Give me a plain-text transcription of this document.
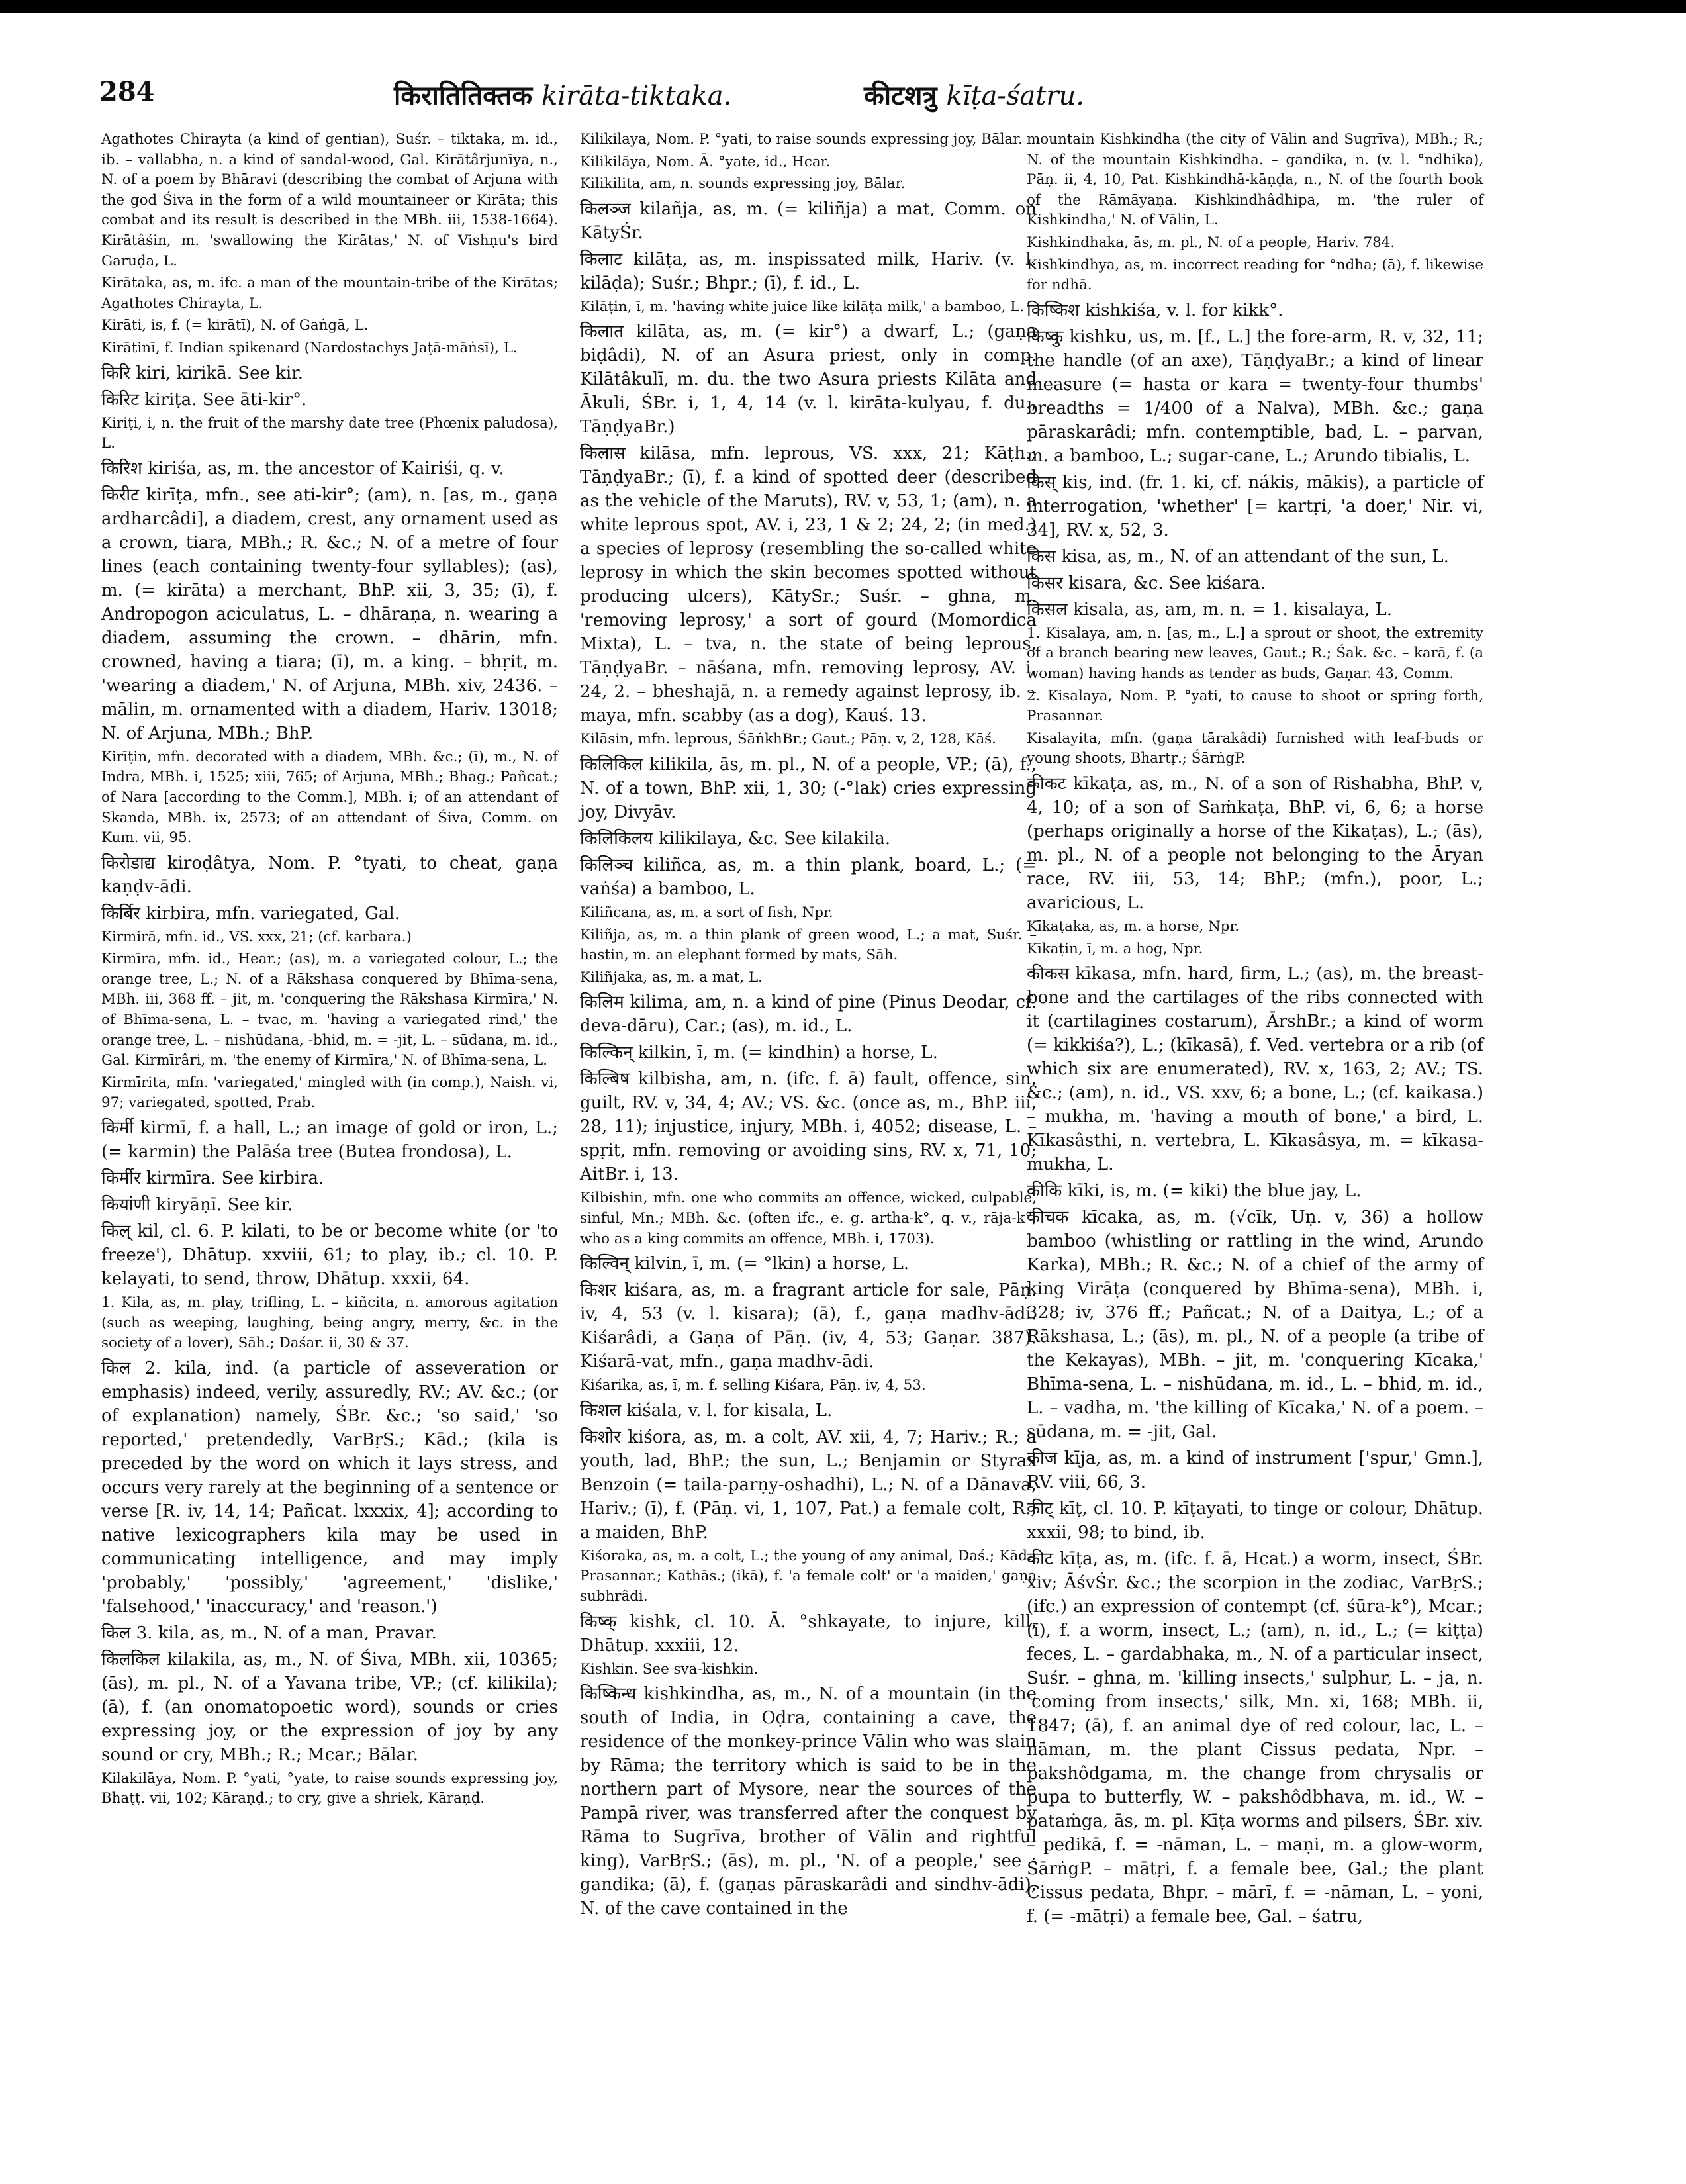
284	किरातितिक्तक kirāta-tiktaka.	कीटशत्रु kīṭa-śatru.

Agathotes Chirayta (a kind of gentian), Suśr. – tiktaka, m. id., ib. – vallabha, n. a kind of sandal-wood, Gal. Kirātârjunīya, n., N. of a poem by Bhāravi (describing the combat of Arjuna with the god Śiva in the form of a wild mountaineer or Kirāta; this combat and its result is described in the MBh. iii, 1538-1664). Kirātâśin, m. 'swallowing the Kirātas,' N. of Vishṇu's bird Garuḍa, L.

Kirātaka, as, m. ifc. a man of the mountain-tribe of the Kirātas; Agathotes Chirayta, L.

Kirāti, is, f. (= kirātī), N. of Gaṅgā, L.

Kirātinī, f. Indian spikenard (Nardostachys Jaṭā-māṅsī), L.

किरि kiri, kirikā. See kir.

किरिट kiriṭa. See āti-kir°.

Kiriṭi, i, n. the fruit of the marshy date tree (Phœnix paludosa), L.

किरिश kiriśa, as, m. the ancestor of Kairiśi, q. v.

किरीट kirīṭa, mfn., see ati-kir°; (am), n. [as, m., gaṇa ardharcâdi], a diadem, crest, any ornament used as a crown, tiara, MBh.; R. &c.; N. of a metre of four lines (each containing twenty-four syllables); (as), m. (= kirāta) a merchant, BhP. xii, 3, 35; (ī), f. Andropogon aciculatus, L. – dhāraṇa, n. wearing a diadem, assuming the crown. – dhārin, mfn. crowned, having a tiara; (ī), m. a king. – bhṛit, m. 'wearing a diadem,' N. of Arjuna, MBh. xiv, 2436. – mālin, m. ornamented with a diadem, Hariv. 13018; N. of Arjuna, MBh.; BhP.

Kirīṭin, mfn. decorated with a diadem, MBh. &c.; (ī), m., N. of Indra, MBh. i, 1525; xiii, 765; of Arjuna, MBh.; Bhag.; Pañcat.; of Nara [according to the Comm.], MBh. i; of an attendant of Skanda, MBh. ix, 2573; of an attendant of Śiva, Comm. on Kum. vii, 95.

किरोडाद्य kiroḍâtya, Nom. P. °tyati, to cheat, gaṇa kaṇḍv-ādi.

किर्बिर kirbira, mfn. variegated, Gal.

Kirmirā, mfn. id., VS. xxx, 21; (cf. karbara.)

Kirmīra, mfn. id., Hear.; (as), m. a variegated colour, L.; the orange tree, L.; N. of a Rākshasa conquered by Bhīma-sena, MBh. iii, 368 ff. – jit, m. 'conquering the Rākshasa Kirmīra,' N. of Bhīma-sena, L. – tvac, m. 'having a variegated rind,' the orange tree, L. – nishūdana, -bhid, m. = -jit, L. – sūdana, m. id., Gal. Kirmīrâri, m. 'the enemy of Kirmīra,' N. of Bhīma-sena, L.

Kirmīrita, mfn. 'variegated,' mingled with (in comp.), Naish. vi, 97; variegated, spotted, Prab.

किर्मी kirmī, f. a hall, L.; an image of gold or iron, L.; (= karmin) the Palāśa tree (Butea frondosa), L.

किर्मीर kirmīra. See kirbira.

कियांणी kiryāṇī. See kir.

किल् kil, cl. 6. P. kilati, to be or become white (or 'to freeze'), Dhātup. xxviii, 61; to play, ib.; cl. 10. P. kelayati, to send, throw, Dhātup. xxxii, 64.

1. Kila, as, m. play, trifling, L. – kiñcita, n. amorous agitation (such as weeping, laughing, being angry, merry, &c. in the society of a lover), Sāh.; Daśar. ii, 30 & 37.

किल 2. kila, ind. (a particle of asseveration or emphasis) indeed, verily, assuredly, RV.; AV. &c.; (or of explanation) namely, ŚBr. &c.; 'so said,' 'so reported,' pretendedly, VarBṛS.; Kād.; (kila is preceded by the word on which it lays stress, and occurs very rarely at the beginning of a sentence or verse [R. iv, 14, 14; Pañcat. lxxxix, 4]; according to native lexicographers kila may be used in communicating intelligence, and may imply 'probably,' 'possibly,' 'agreement,' 'dislike,' 'falsehood,' 'inaccuracy,' and 'reason.')

किल 3. kila, as, m., N. of a man, Pravar.

किलकिल kilakila, as, m., N. of Śiva, MBh. xii, 10365; (ās), m. pl., N. of a Yavana tribe, VP.; (cf. kilikila); (ā), f. (an onomatopoetic word), sounds or cries expressing joy, or the expression of joy by any sound or cry, MBh.; R.; Mcar.; Bālar.

Kilakilāya, Nom. P. °yati, °yate, to raise sounds expressing joy, Bhaṭṭ. vii, 102; Kāraṇḍ.; to cry, give a shriek, Kāraṇḍ.

Kilikilaya, Nom. P. °yati, to raise sounds expressing joy, Bālar.

Kilikilāya, Nom. Ā. °yate, id., Hcar.

Kilikilita, am, n. sounds expressing joy, Bālar.

किलञ्ज kilañja, as, m. (= kiliñja) a mat, Comm. on KātyŚr.

किलाट kilāṭa, as, m. inspissated milk, Hariv. (v. l. kilāḍa); Suśr.; Bhpr.; (ī), f. id., L.

Kilāṭin, ī, m. 'having white juice like kilāṭa milk,' a bamboo, L.

किलात kilāta, as, m. (= kir°) a dwarf, L.; (gaṇa biḍâdi), N. of an Asura priest, only in comp. Kilātâkulī, m. du. the two Asura priests Kilāta and Ākuli, ŚBr. i, 1, 4, 14 (v. l. kirāta-kulyau, f. du., TāṇḍyaBr.)

किलास kilāsa, mfn. leprous, VS. xxx, 21; Kāṭh.; TāṇḍyaBr.; (ī), f. a kind of spotted deer (described as the vehicle of the Maruts), RV. v, 53, 1; (am), n. a white leprous spot, AV. i, 23, 1 & 2; 24, 2; (in med.) a species of leprosy (resembling the so-called white leprosy in which the skin becomes spotted without producing ulcers), KātySr.; Suśr. – ghna, m. 'removing leprosy,' a sort of gourd (Momordica Mixta), L. – tva, n. the state of being leprous, TāṇḍyaBr. – nāśana, mfn. removing leprosy, AV. i, 24, 2. – bheshajā, n. a remedy against leprosy, ib. – maya, mfn. scabby (as a dog), Kauś. 13.

Kilāsin, mfn. leprous, ŚāṅkhBr.; Gaut.; Pāṇ. v, 2, 128, Kāś.

किलिकिल kilikila, ās, m. pl., N. of a people, VP.; (ā), f., N. of a town, BhP. xii, 1, 30; (-°lak) cries expressing joy, Divyāv.

किलिकिलय kilikilaya, &c. See kilakila.

किलिञ्च kiliñca, as, m. a thin plank, board, L.; (= vaṅśa) a bamboo, L.

Kiliñcana, as, m. a sort of fish, Npr.

Kiliñja, as, m. a thin plank of green wood, L.; a mat, Suśr. – hastin, m. an elephant formed by mats, Sāh.

Kiliñjaka, as, m. a mat, L.

किलिम kilima, am, n. a kind of pine (Pinus Deodar, cf. deva-dāru), Car.; (as), m. id., L.

किल्किन् kilkin, ī, m. (= kindhin) a horse, L.

किल्बिष kilbisha, am, n. (ifc. f. ā) fault, offence, sin, guilt, RV. v, 34, 4; AV.; VS. &c. (once as, m., BhP. iii, 28, 11); injustice, injury, MBh. i, 4052; disease, L. – spṛit, mfn. removing or avoiding sins, RV. x, 71, 10; AitBr. i, 13.

Kilbishin, mfn. one who commits an offence, wicked, culpable, sinful, Mn.; MBh. &c. (often ifc., e. g. artha-k°, q. v., rāja-k°, who as a king commits an offence, MBh. i, 1703).

किल्विन् kilvin, ī, m. (= °lkin) a horse, L.

किशर kiśara, as, m. a fragrant article for sale, Pāṇ. iv, 4, 53 (v. l. kisara); (ā), f., gaṇa madhv-ādi. Kiśarâdi, a Gaṇa of Pāṇ. (iv, 4, 53; Gaṇar. 387). Kiśarā-vat, mfn., gaṇa madhv-ādi.

Kiśarika, as, ī, m. f. selling Kiśara, Pāṇ. iv, 4, 53.

किशल kiśala, v. l. for kisala, L.

किशोर kiśora, as, m. a colt, AV. xii, 4, 7; Hariv.; R.; a youth, lad, BhP.; the sun, L.; Benjamin or Styrax Benzoin (= taila-parṇy-oshadhi), L.; N. of a Dānava, Hariv.; (ī), f. (Pāṇ. vi, 1, 107, Pat.) a female colt, R.; a maiden, BhP.

Kiśoraka, as, m. a colt, L.; the young of any animal, Daś.; Kād.; Prasannar.; Kathās.; (ikā), f. 'a female colt' or 'a maiden,' gaṇa subhrâdi.

किष्क् kishk, cl. 10. Ā. °shkayate, to injure, kill, Dhātup. xxxiii, 12.

Kishkin. See sva-kishkin.

किष्किन्ध kishkindha, as, m., N. of a mountain (in the south of India, in Oḍra, containing a cave, the residence of the monkey-prince Vālin who was slain by Rāma; the territory which is said to be in the northern part of Mysore, near the sources of the Pampā river, was transferred after the conquest by Rāma to Sugrīva, brother of Vālin and rightful king), VarBṛS.; (ās), m. pl., 'N. of a people,' see -gandika; (ā), f. (gaṇas pāraskarâdi and sindhv-ādi), N. of the cave contained in the

mountain Kishkindha (the city of Vālin and Sugrīva), MBh.; R.; N. of the mountain Kishkindha. – gandika, n. (v. l. °ndhika), Pāṇ. ii, 4, 10, Pat. Kishkindhā-kāṇḍa, n., N. of the fourth book of the Rāmāyaṇa. Kishkindhâdhipa, m. 'the ruler of Kishkindha,' N. of Vālin, L.

Kishkindhaka, ās, m. pl., N. of a people, Hariv. 784.

Kishkindhya, as, m. incorrect reading for °ndha; (ā), f. likewise for ndhā.

किष्किश kishkiśa, v. l. for kikk°.

किष्कु kishku, us, m. [f., L.] the fore-arm, R. v, 32, 11; the handle (of an axe), TāṇḍyaBr.; a kind of linear measure (= hasta or kara = twenty-four thumbs' breadths = 1/400 of a Nalva), MBh. &c.; gaṇa pāraskarâdi; mfn. contemptible, bad, L. – parvan, m. a bamboo, L.; sugar-cane, L.; Arundo tibialis, L.

किस् kis, ind. (fr. 1. ki, cf. nákis, mākis), a particle of interrogation, 'whether' [= kartṛi, 'a doer,' Nir. vi, 34], RV. x, 52, 3.

किस kisa, as, m., N. of an attendant of the sun, L.

किसर kisara, &c. See kiśara.

किसल kisala, as, am, m. n. = 1. kisalaya, L.

1. Kisalaya, am, n. [as, m., L.] a sprout or shoot, the extremity of a branch bearing new leaves, Gaut.; R.; Śak. &c. – karā, f. (a woman) having hands as tender as buds, Gaṇar. 43, Comm.

2. Kisalaya, Nom. P. °yati, to cause to shoot or spring forth, Prasannar.

Kisalayita, mfn. (gaṇa tārakâdi) furnished with leaf-buds or young shoots, Bhartṛ.; ŚārṅgP.

कीकट kīkaṭa, as, m., N. of a son of Rishabha, BhP. v, 4, 10; of a son of Saṁkaṭa, BhP. vi, 6, 6; a horse (perhaps originally a horse of the Kikaṭas), L.; (ās), m. pl., N. of a people not belonging to the Āryan race, RV. iii, 53, 14; BhP.; (mfn.), poor, L.; avaricious, L.

Kīkaṭaka, as, m. a horse, Npr.

Kīkaṭin, ī, m. a hog, Npr.

कीकस kīkasa, mfn. hard, firm, L.; (as), m. the breast-bone and the cartilages of the ribs connected with it (cartilagines costarum), ĀrshBr.; a kind of worm (= kikkiśa?), L.; (kīkasā), f. Ved. vertebra or a rib (of which six are enumerated), RV. x, 163, 2; AV.; TS. &c.; (am), n. id., VS. xxv, 6; a bone, L.; (cf. kaikasa.) – mukha, m. 'having a mouth of bone,' a bird, L. Kīkasâsthi, n. vertebra, L. Kīkasâsya, m. = kīkasa-mukha, L.

कीकि kīki, is, m. (= kiki) the blue jay, L.

कीचक kīcaka, as, m. (√cīk, Uṇ. v, 36) a hollow bamboo (whistling or rattling in the wind, Arundo Karka), MBh.; R. &c.; N. of a chief of the army of king Virāṭa (conquered by Bhīma-sena), MBh. i, 328; iv, 376 ff.; Pañcat.; N. of a Daitya, L.; of a Rākshasa, L.; (ās), m. pl., N. of a people (a tribe of the Kekayas), MBh. – jit, m. 'conquering Kīcaka,' Bhīma-sena, L. – nishūdana, m. id., L. – bhid, m. id., L. – vadha, m. 'the killing of Kīcaka,' N. of a poem. – sūdana, m. = -jit, Gal.

कीज kīja, as, m. a kind of instrument ['spur,' Gmn.], RV. viii, 66, 3.

कीट् kīṭ, cl. 10. P. kīṭayati, to tinge or colour, Dhātup. xxxii, 98; to bind, ib.

कीट kīṭa, as, m. (ifc. f. ā, Hcat.) a worm, insect, ŚBr. xiv; ĀśvŚr. &c.; the scorpion in the zodiac, VarBṛS.; (ifc.) an expression of contempt (cf. śūra-k°), Mcar.; (ī), f. a worm, insect, L.; (am), n. id., L.; (= kiṭṭa) feces, L. – gardabhaka, m., N. of a particular insect, Suśr. – ghna, m. 'killing insects,' sulphur, L. – ja, n. 'coming from insects,' silk, Mn. xi, 168; MBh. ii, 1847; (ā), f. an animal dye of red colour, lac, L. – nāman, m. the plant Cissus pedata, Npr. – pakshôdgama, m. the change from chrysalis or pupa to butterfly, W. – pakshôdbhava, m. id., W. – pataṁga, ās, m. pl. Kīṭa worms and pilsers, ŚBr. xiv. – pedikā, f. = -nāman, L. – maṇi, m. a glow-worm, ŚārṅgP. – mātṛi, f. a female bee, Gal.; the plant Cissus pedata, Bhpr. – mārī, f. = -nāman, L. – yoni, f. (= -mātṛi) a female bee, Gal. – śatru,
